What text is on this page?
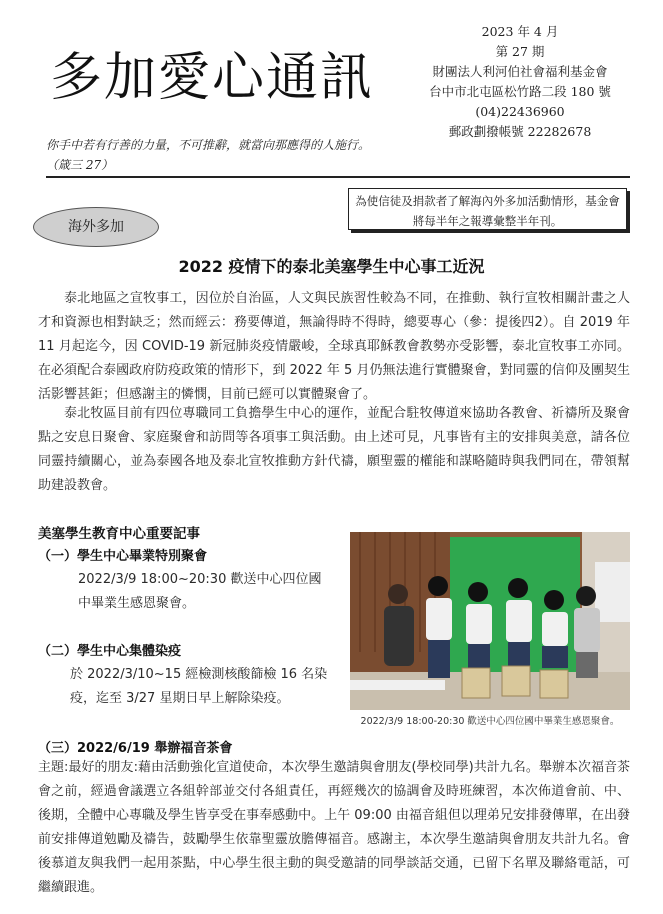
多加愛心通訊
你手中若有行善的力量，不可推辭，就當向那應得的人施行。
（箴三 27）
2023 年 4 月
第 27 期
財團法人利河伯社會福利基金會
台中市北屯區松竹路二段 180 號
(04)22436960
郵政劃撥帳號 22282678
為使信徒及捐款者了解海內外多加活動情形，基金會將每半年之報導彙整半年刊。
海外多加
2022 疫情下的泰北美塞學生中心事工近況
泰北地區之宣牧事工，因位於自治區，人文與民族習性較為不同，在推動、執行宣牧相關計畫之人才和資源也相對缺乏；然而經云：務要傳道，無論得時不得時，總要專心（參：提後四2）。自 2019 年 11 月起迄今，因 COVID-19 新冠肺炎疫情嚴峻，全球真耶穌教會教勢亦受影響，泰北宣牧事工亦同。在必須配合泰國政府防疫政策的情形下，到 2022 年 5 月仍無法進行實體聚會，對同靈的信仰及團契生活影響甚鉅；但感謝主的憐憫，目前已經可以實體聚會了。
泰北牧區目前有四位專職同工負擔學生中心的運作，並配合駐牧傳道來協助各教會、祈禱所及聚會點之安息日聚會、家庭聚會和訪問等各項事工與活動。由上述可見，凡事皆有主的安排與美意，請各位同靈持續關心，並為泰國各地及泰北宣牧推動方針代禱，願聖靈的權能和謀略隨時與我們同在，帶領幫助建設教會。
美塞學生教育中心重要記事
（一）學生中心畢業特別聚會
2022/3/9 18:00~20:30 歡送中心四位國中畢業生感恩聚會。
（二）學生中心集體染疫
於 2022/3/10~15 經檢測核酸篩檢 16 名染疫，迄至 3/27 星期日早上解除染疫。
（三）2022/6/19 舉辦福音茶會
主題:最好的朋友:藉由活動強化宣道使命，本次學生邀請與會朋友(學校同學)共計九名。舉辦本次福音茶會之前，經過會議選立各組幹部並交付各組責任，再經幾次的協調會及時班練習，本次佈道會前、中、後期，全體中心專職及學生皆享受在事奉感動中。上午 09:00 由福音組但以理弟兄安排發傳單，在出發前安排傳道勉勵及禱告，鼓勵學生依靠聖靈放膽傳福音。感謝主，本次學生邀請與會朋友共計九名。會後慕道友與我們一起用茶點，中心學生很主動的與受邀請的同學談話交通，已留下名單及聯絡電話，可繼續跟進。
2022/3/9 18:00-20:30 歡送中心四位國中畢業生感恩聚會。
